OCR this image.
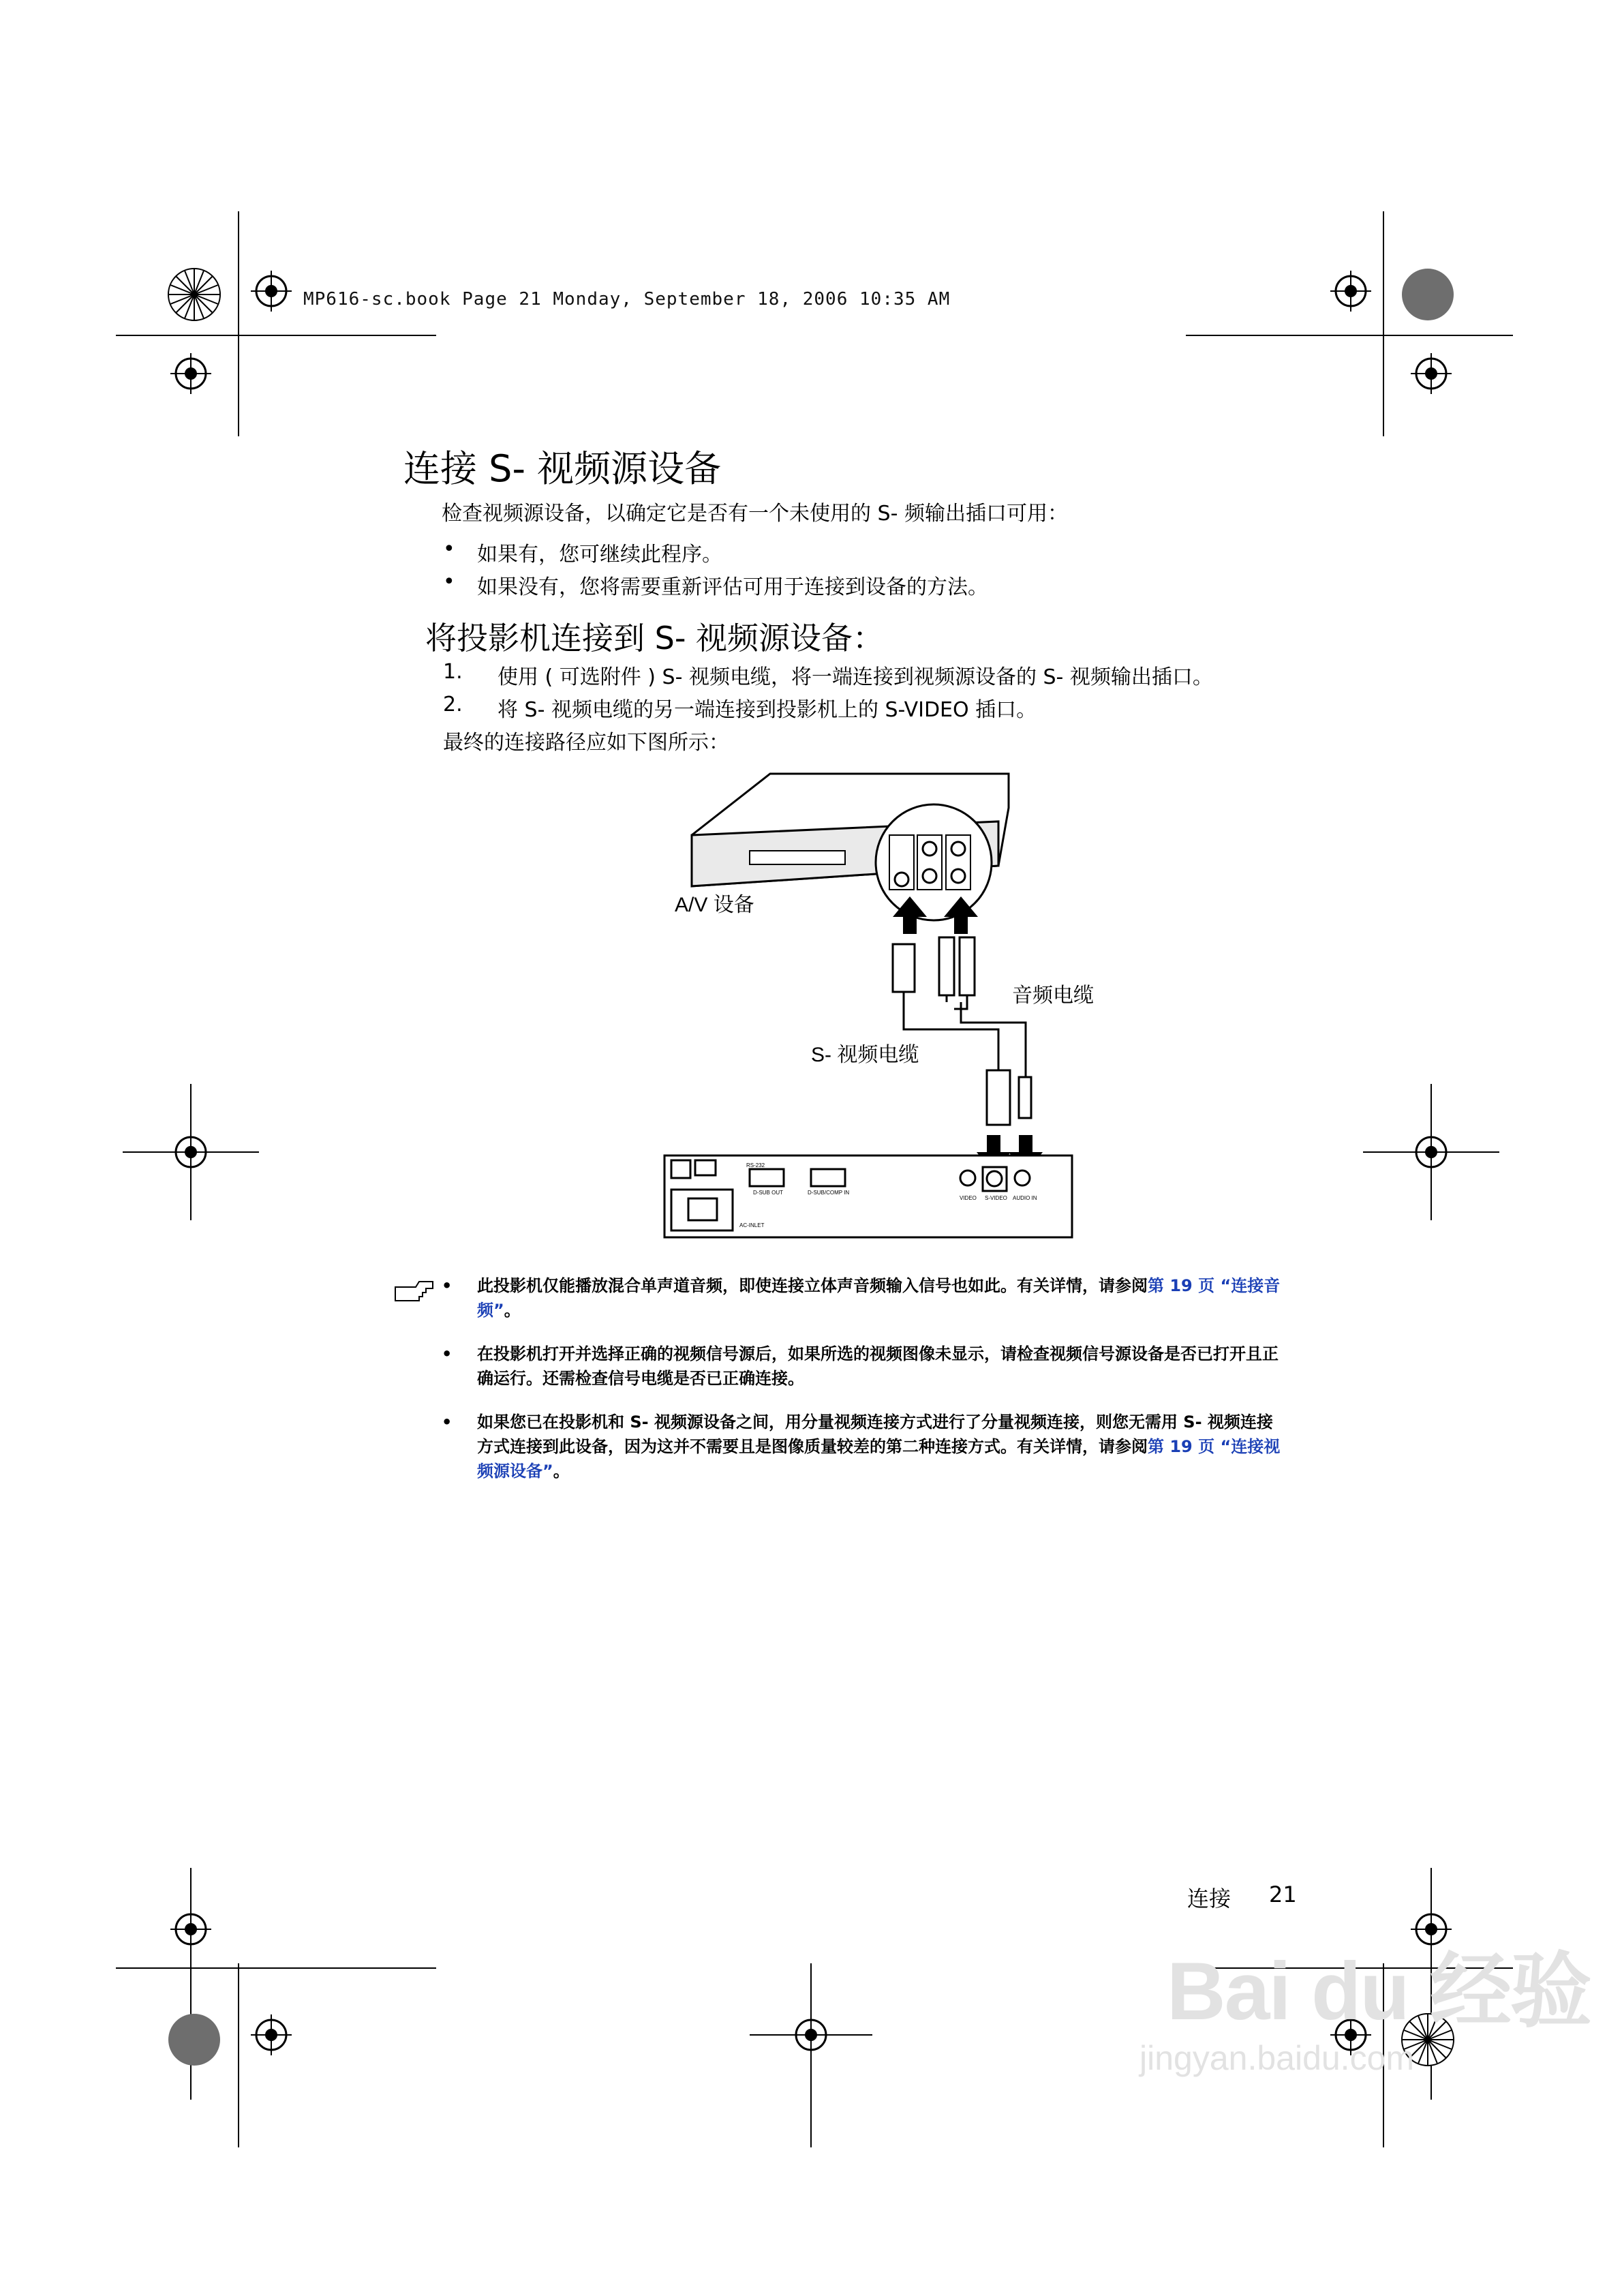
MP616-sc.book Page 21 Monday, September 18, 2006 10:35 AM
连接 S- 视频源设备
检查视频源设备，以确定它是否有一个未使用的 S- 频输出插口可用：
• 如果有，您可继续此程序。
• 如果没有，您将需要重新评估可用于连接到设备的方法。
将投影机连接到 S- 视频源设备：
1. 使用 ( 可选附件 ) S- 视频电缆，将一端连接到视频源设备的 S- 视频输出插口。
2. 将 S- 视频电缆的另一端连接到投影机上的 S-VIDEO 插口。
最终的连接路径应如下图所示：
RS-232
D-SUB OUT	D-SUB/COMP IN
VIDEO S-VIDEO AUDIO IN
AC-INLET
A/V 设备
音频电缆
S- 视频电缆
• 此投影机仅能播放混合单声道音频，即使连接立体声音频输入信号也如此。有关详情，请参阅第 19 页 “连接音频”。
• 在投影机打开并选择正确的视频信号源后，如果所选的视频图像未显示，请检查视频信号源设备是否已打开且正确运行。还需检查信号电缆是否已正确连接。
• 如果您已在投影机和 S- 视频源设备之间，用分量视频连接方式进行了分量视频连接，则您无需用 S- 视频连接方式连接到此设备，因为这并不需要且是图像质量较差的第二种连接方式。有关详情，请参阅第 19 页 “连接视频源设备”。
连接 21
Bai du 经验
jingyan.baidu.com
